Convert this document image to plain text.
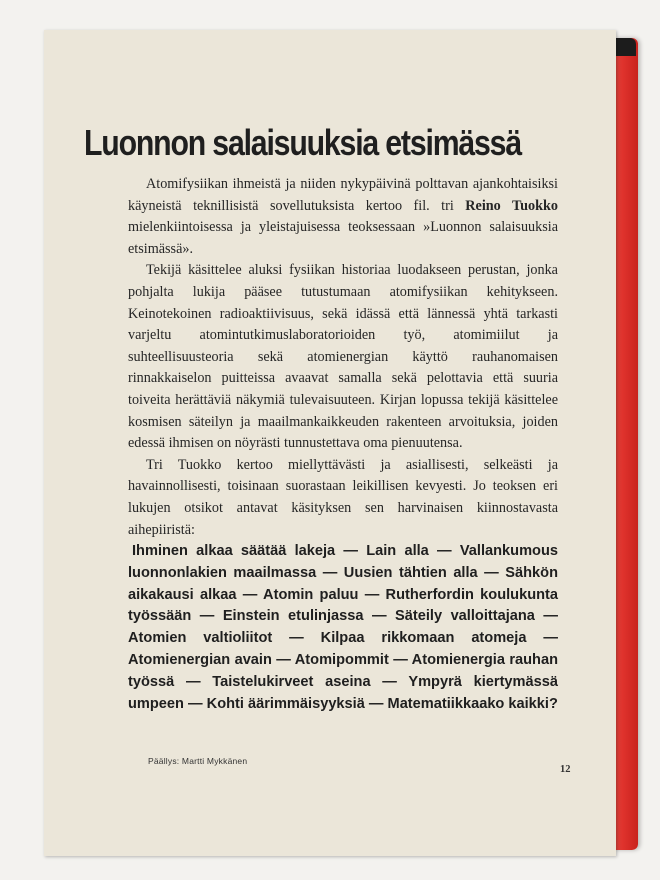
Luonnon salaisuuksia etsimässä

Atomifysiikan ihmeistä ja niiden nykypäivinä polttavan ajankohtaisiksi käyneistä teknillisistä sovellutuksista kertoo fil. tri Reino Tuokko mielenkiintoisessa ja yleistajuisessa teoksessaan »Luonnon salaisuuksia etsimässä».

Tekijä käsittelee aluksi fysiikan historiaa luodakseen perustan, jonka pohjalta lukija pääsee tutustumaan atomifysiikan kehitykseen. Keinotekoinen radioaktiivisuus, sekä idässä että lännessä yhtä tarkasti varjeltu atomintutkimuslaboratorioiden työ, atomimiilut ja suhteellisuusteoria sekä atomienergian käyttö rauhanomaisen rinnakkaiselon puitteissa avaavat samalla sekä pelottavia että suuria toiveita herättäviä näkymiä tulevaisuuteen. Kirjan lopussa tekijä käsittelee kosmisen säteilyn ja maailmankaikkeuden rakenteen arvoituksia, joiden edessä ihmisen on nöyrästi tunnustettava oma pienuutensa.

Tri Tuokko kertoo miellyttävästi ja asiallisesti, selkeästi ja havainnollisesti, toisinaan suorastaan leikillisen kevyesti. Jo teoksen eri lukujen otsikot antavat käsityksen sen harvinaisen kiinnostavasta aihepiiristä:

Ihminen alkaa säätää lakeja — Lain alla — Vallankumous luonnonlakien maailmassa — Uusien tähtien alla — Sähkön aikakausi alkaa — Atomin paluu — Rutherfordin koulukunta työssään — Einstein etulinjassa — Säteily valloittajana — Atomien valtioliitot — Kilpaa rikkomaan atomeja — Atomienergian avain — Atomipommit — Atomienergia rauhan työssä — Taistelukirveet aseina — Ympyrä kiertymässä umpeen — Kohti äärimmäisyyksiä — Matematiikkaako kaikki?

Päällys: Martti Mykkänen

12
